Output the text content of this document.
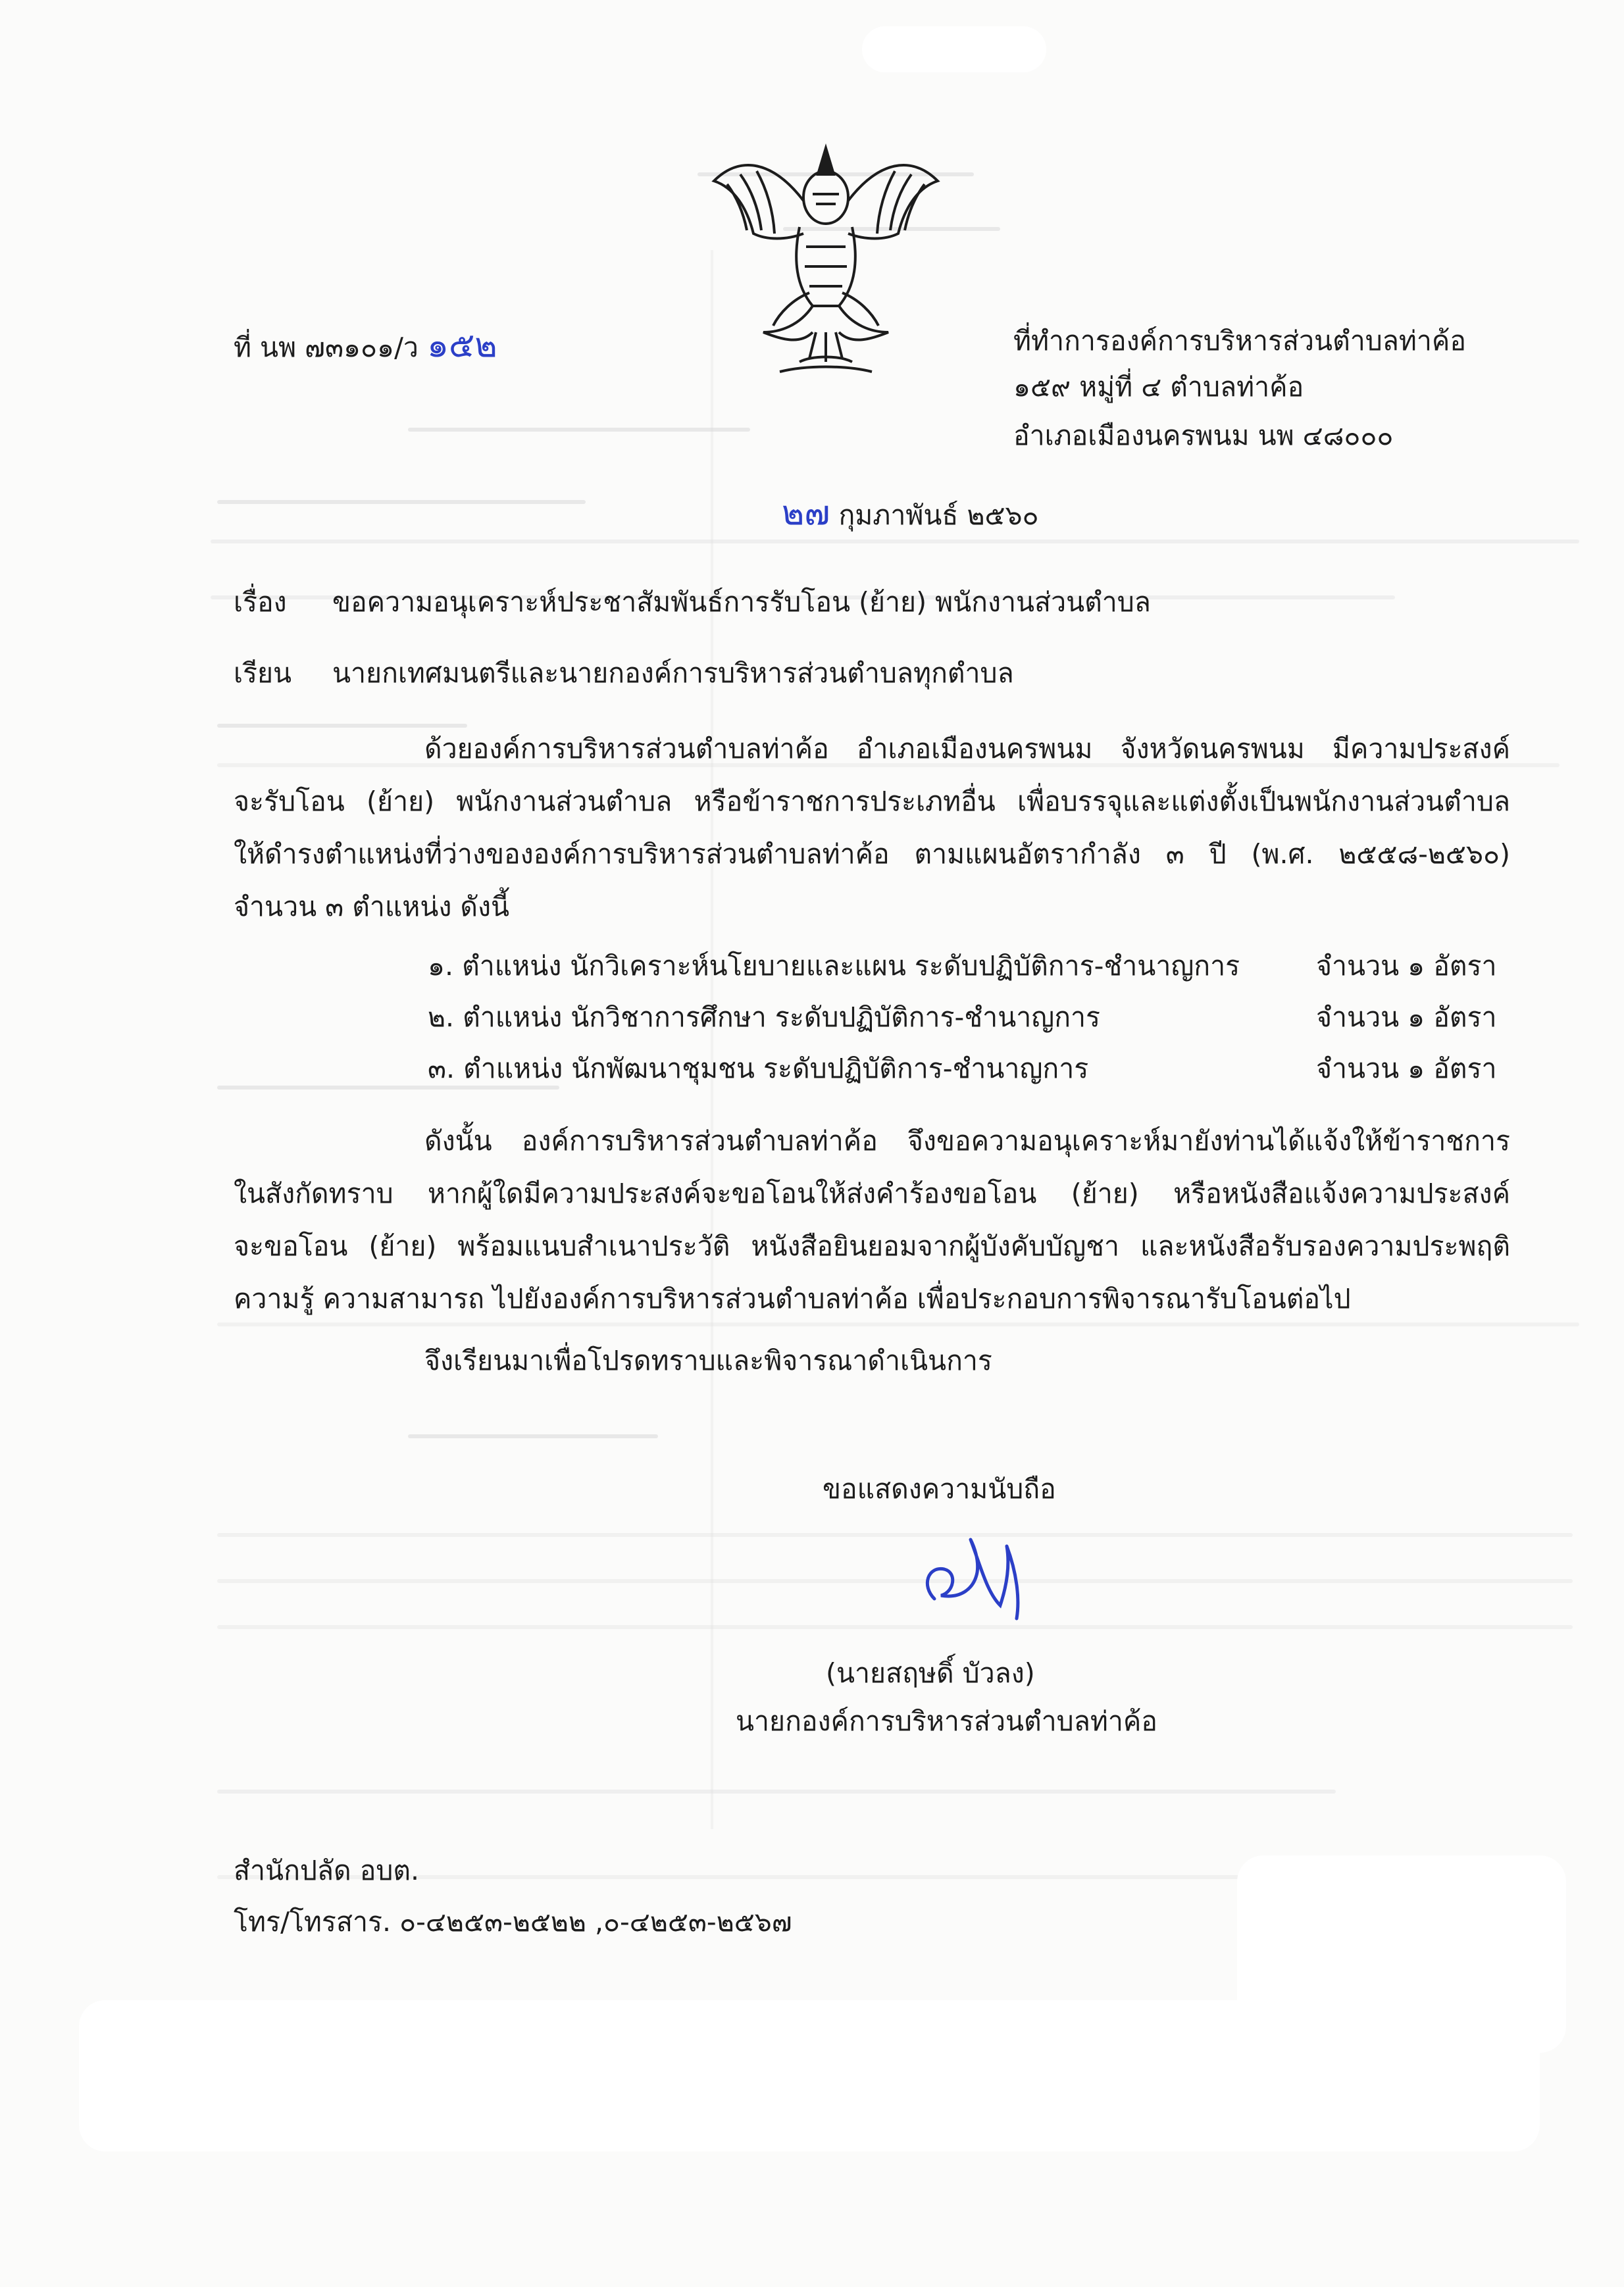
ที่ นพ ๗๓๑๐๑/ว ๑๕๒	ที่ทำการองค์การบริหารส่วนตำบลท่าค้อ
๑๕๙ หมู่ที่ ๔ ตำบลท่าค้อ
อำเภอเมืองนครพนม นพ ๔๘๐๐๐
๒๗ กุมภาพันธ์ ๒๕๖๐
เรื่อง ขอความอนุเคราะห์ประชาสัมพันธ์การรับโอน (ย้าย) พนักงานส่วนตำบล
เรียน นายกเทศมนตรีและนายกองค์การบริหารส่วนตำบลทุกตำบล
ด้วยองค์การบริหารส่วนตำบลท่าค้อ อำเภอเมืองนครพนม จังหวัดนครพนม มีความประสงค์
จะรับโอน (ย้าย) พนักงานส่วนตำบล หรือข้าราชการประเภทอื่น เพื่อบรรจุและแต่งตั้งเป็นพนักงานส่วนตำบล
ให้ดำรงตำแหน่งที่ว่างขององค์การบริหารส่วนตำบลท่าค้อ ตามแผนอัตรากำลัง ๓ ปี (พ.ศ. ๒๕๕๘-๒๕๖๐)
จำนวน ๓ ตำแหน่ง ดังนี้
๑. ตำแหน่ง นักวิเคราะห์นโยบายและแผน ระดับปฏิบัติการ-ชำนาญการ	จำนวน ๑ อัตรา
๒. ตำแหน่ง นักวิชาการศึกษา ระดับปฏิบัติการ-ชำนาญการ	จำนวน ๑ อัตรา
๓. ตำแหน่ง นักพัฒนาชุมชน ระดับปฏิบัติการ-ชำนาญการ	จำนวน ๑ อัตรา
ดังนั้น องค์การบริหารส่วนตำบลท่าค้อ จึงขอความอนุเคราะห์มายังท่านได้แจ้งให้ข้าราชการ
ในสังกัดทราบ หากผู้ใดมีความประสงค์จะขอโอนให้ส่งคำร้องขอโอน (ย้าย) หรือหนังสือแจ้งความประสงค์
จะขอโอน (ย้าย) พร้อมแนบสำเนาประวัติ หนังสือยินยอมจากผู้บังคับบัญชา และหนังสือรับรองความประพฤติ
ความรู้ ความสามารถ ไปยังองค์การบริหารส่วนตำบลท่าค้อ เพื่อประกอบการพิจารณารับโอนต่อไป
จึงเรียนมาเพื่อโปรดทราบและพิจารณาดำเนินการ
ขอแสดงความนับถือ
(นายสฤษดิ์ บัวลง)
นายกองค์การบริหารส่วนตำบลท่าค้อ
สำนักปลัด อบต.
โทร/โทรสาร. ๐-๔๒๕๓-๒๕๒๒ ,๐-๔๒๕๓-๒๕๖๗
